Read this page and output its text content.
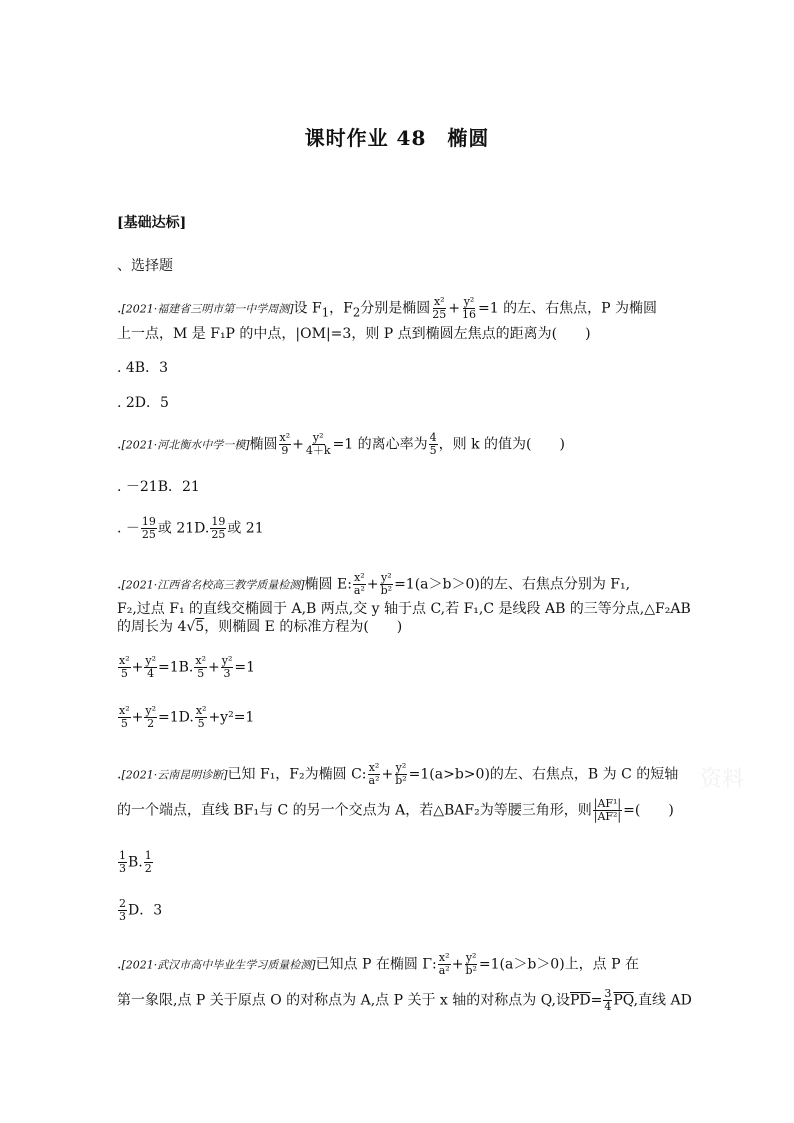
课时作业 48　椭圆
[基础达标]
、选择题
.[2021·福建省三明市第一中学周测]设 $F_1$，$F_2$分别是椭圆 $\frac{\text{x²}}{25} + \frac{\text{y²}}{16} =1$ 的左、右焦点，P 为椭圆
上一点，M 是 F₁P 的中点，|OM|=3，则 P 点到椭圆左焦点的距离为(　　)
. 4B．3
. 2D．5
.[2021·河北衡水中学一模]椭圆 $\frac{\text{x²}}{9} + \frac{\text{y²}}{4+k} =1$ 的离心率为 $\frac{4}{5}$ ，则 k 的值为(　　)
. －21B．21
. － $\frac{19}{25}$ 或 21D. $\frac{19}{25}$ 或 21
.[2021·江西省名校高三教学质量检测]椭圆 E: $\frac{\text{x²}}{\text{a²}} + \frac{\text{y²}}{\text{b²}} =1(a>b>0)$的左、右焦点分别为 F₁,
F₂,过点 F₁ 的直线交椭圆于 A,B 两点,交 y 轴于点 C,若 F₁,C 是线段 AB 的三等分点,△F₂AB
的周长为 4√5，则椭圆 E 的标准方程为(　　)
$\frac{\text{x²}}{5} + \frac{\text{y²}}{4} =1B$. $\frac{\text{x²}}{5} + \frac{\text{y²}}{3} =1$
$\frac{\text{x²}}{5} + \frac{\text{y²}}{2} =1D$. $\frac{\text{x²}}{5} +y^2=1$
.[2021·云南昆明诊断]已知 F₁，F₂为椭圆 C: $\frac{\text{x²}}{\text{a²}} + \frac{\text{y²}}{\text{b²}} =1(a>b>0)$的左、右焦点，B 为 C 的短轴
的一个端点，直线 BF₁与 C 的另一个交点为 A，若△BAF₂为等腰三角形，则 $\frac{\text{|AF¹|}}{\text{|AF²|}}$ =(　　)
$\frac{1}{3} B$. $\frac{1}{2}$
$\frac{2}{3}$ D．3
.[2021·武汉市高中毕业生学习质量检测]已知点 P 在椭圆 Γ: $\frac{\text{x²}}{\text{a²}} + \frac{\text{y²}}{\text{b²}} =1(a>b>0)$上，点 P 在
第一象限,点 P 关于原点 O 的对称点为 A,点 P 关于 x 轴的对称点为 Q,设$\overline{PD}= \frac{3}{4} \overline{PQ}$,直线 AD
资料
